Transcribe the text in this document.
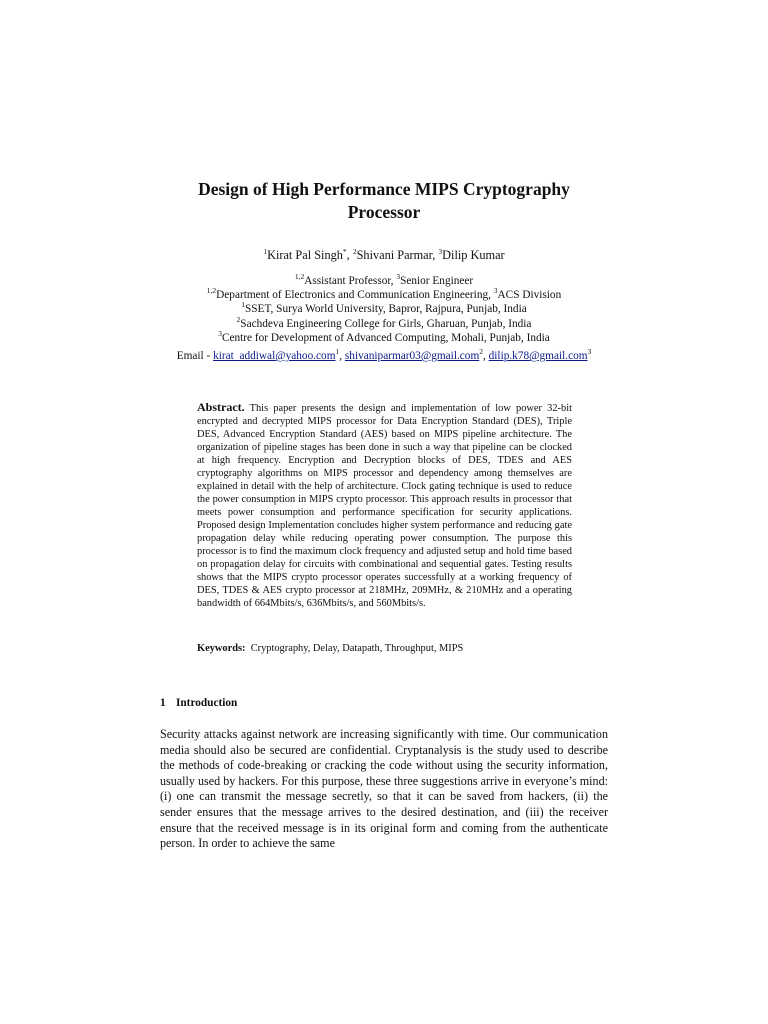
Design of High Performance MIPS Cryptography
Processor
$^1$Kirat Pal Singh*, $^2$Shivani Parmar, $^3$Dilip Kumar
$^{1,2}$Assistant Professor, $^3$Senior Engineer
$^{1,2}$Department of Electronics and Communication Engineering, $^3$ACS Division
$^1$SSET, Surya World University, Bapror, Rajpura, Punjab, India
$^2$Sachdeva Engineering College for Girls, Gharuan, Punjab, India
$^3$Centre for Development of Advanced Computing, Mohali, Punjab, India
Email - kirat_addiwal@yahoo.com$^1$, shivaniparmar03@gmail.com$^2$, dilip.k78@gmail.com$^3$
Abstract. This paper presents the design and implementation of low power 32-bit encrypted and decrypted MIPS processor for Data Encryption Standard (DES), Triple DES, Advanced Encryption Standard (AES) based on MIPS pipeline architecture. The organization of pipeline stages has been done in such a way that pipeline can be clocked at high frequency. Encryption and Decryption blocks of DES, TDES and AES cryptography algorithms on MIPS processor and dependency among themselves are explained in detail with the help of architecture. Clock gating technique is used to reduce the power consumption in MIPS crypto processor. This approach results in processor that meets power consumption and performance specification for security applications. Proposed design Implementation concludes higher system performance and reducing gate propagation delay while reducing operating power consumption. The purpose this processor is to find the maximum clock frequency and adjusted setup and hold time based on propagation delay for circuits with combinational and sequential gates. Testing results shows that the MIPS crypto processor operates successfully at a working frequency of DES, TDES & AES crypto processor at 218MHz, 209MHz, & 210MHz and a operating bandwidth of 664Mbits/s, 636Mbits/s, and 560Mbits/s.
Keywords: Cryptography, Delay, Datapath, Throughput, MIPS
1 Introduction
Security attacks against network are increasing significantly with time. Our communication media should also be secured are confidential. Cryptanalysis is the study used to describe the methods of code-breaking or cracking the code without using the security information, usually used by hackers. For this purpose, these three suggestions arrive in everyone’s mind: (i) one can transmit the message secretly, so that it can be saved from hackers, (ii) the sender ensures that the message arrives to the desired destination, and (iii) the receiver ensure that the received message is in its original form and coming from the authenticate person. In order to achieve the same
